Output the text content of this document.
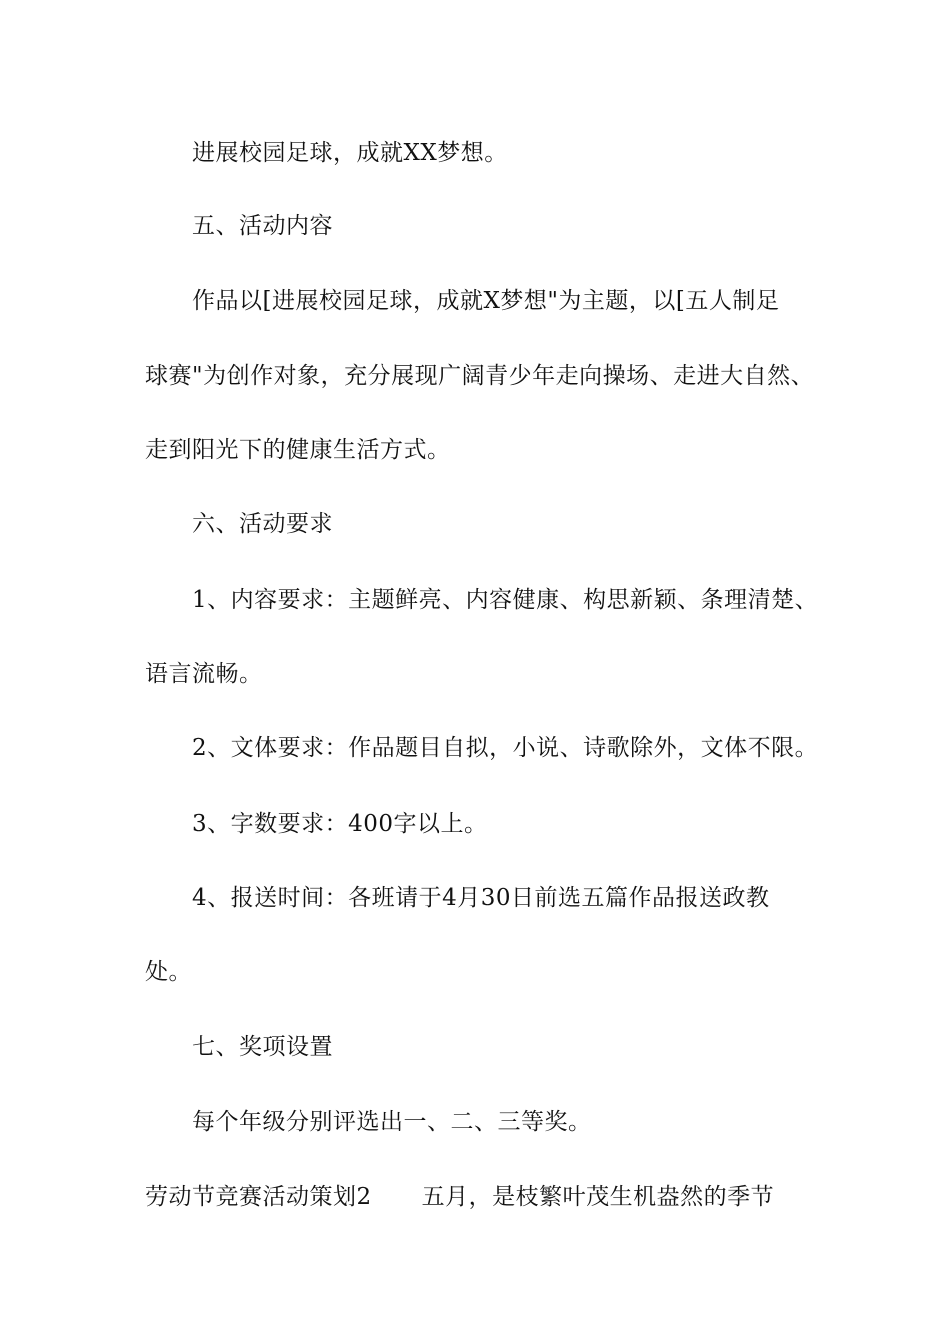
进展校园足球，成就XX梦想。
五、活动内容
作品以[进展校园足球，成就X梦想"为主题，以[五人制足
球赛"为创作对象，充分展现广阔青少年走向操场、走进大自然、
走到阳光下的健康生活方式。
六、活动要求
1、内容要求：主题鲜亮、内容健康、构思新颖、条理清楚、
语言流畅。
2、文体要求：作品题目自拟，小说、诗歌除外，文体不限。
3、字数要求：400字以上。
4、报送时间：各班请于4月30日前选五篇作品报送政教
处。
七、奖项设置
每个年级分别评选出一、二、三等奖。
劳动节竞赛活动策划2 五月，是枝繁叶茂生机盎然的季节
